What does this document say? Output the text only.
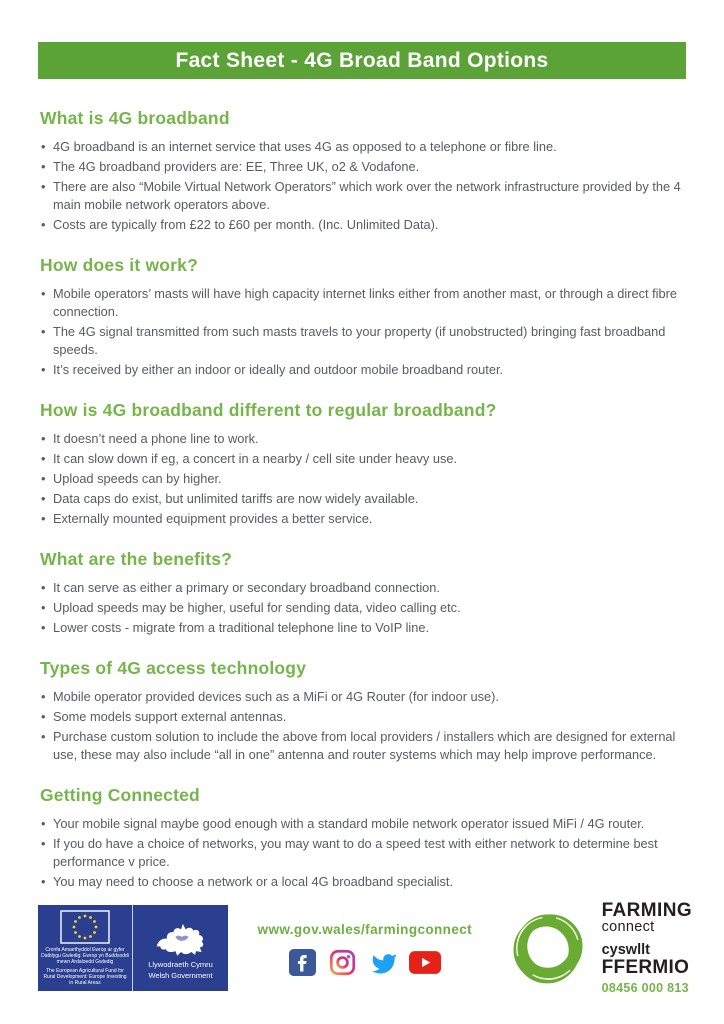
Fact Sheet - 4G Broad Band Options
What is 4G broadband
• 4G broadband is an internet service that uses 4G as opposed to a telephone or fibre line.
• The 4G broadband providers are: EE, Three UK, o2 & Vodafone.
• There are also “Mobile Virtual Network Operators” which work over the network infrastructure provided by the 4 main mobile network operators above.
• Costs are typically from £22 to £60 per month. (Inc. Unlimited Data).
How does it work?
• Mobile operators’ masts will have high capacity internet links either from another mast, or through a direct fibre connection.
• The 4G signal transmitted from such masts travels to your property (if unobstructed) bringing fast broadband speeds.
• It’s received by either an indoor or ideally and outdoor mobile broadband router.
How is 4G broadband different to regular broadband?
• It doesn’t need a phone line to work.
• It can slow down if eg, a concert in a nearby / cell site under heavy use.
• Upload speeds can by higher.
• Data caps do exist, but unlimited tariffs are now widely available.
• Externally mounted equipment provides a better service.
What are the benefits?
• It can serve as either a primary or secondary broadband connection.
• Upload speeds may be higher, useful for sending data, video calling etc.
• Lower costs - migrate from a traditional telephone line to VoIP line.
Types of 4G access technology
• Mobile operator provided devices such as a MiFi or 4G Router (for indoor use).
• Some models support external antennas.
• Purchase custom solution to include the above from local providers / installers which are designed for external use, these may also include “all in one” antenna and router systems which may help improve performance.
Getting Connected
• Your mobile signal maybe good enough with a standard mobile network operator issued MiFi / 4G router.
• If you do have a choice of networks, you may want to do a speed test with either network to determine best performance v price.
• You may need to choose a network or a local 4G broadband specialist.
Cronfa Amaethyddol Ewrop ar gyfer Datblygu Gwledig: Ewrop yn Buddsoddi mewn Ardaloedd Gwledig
The European Agricultural Fund for Rural Development: Europe Investing in Rural Areas
Llywodraeth Cymru
Welsh Government
www.gov.wales/farmingconnect
FARMING
connect
cyswllt
FFERMIO
08456 000 813
